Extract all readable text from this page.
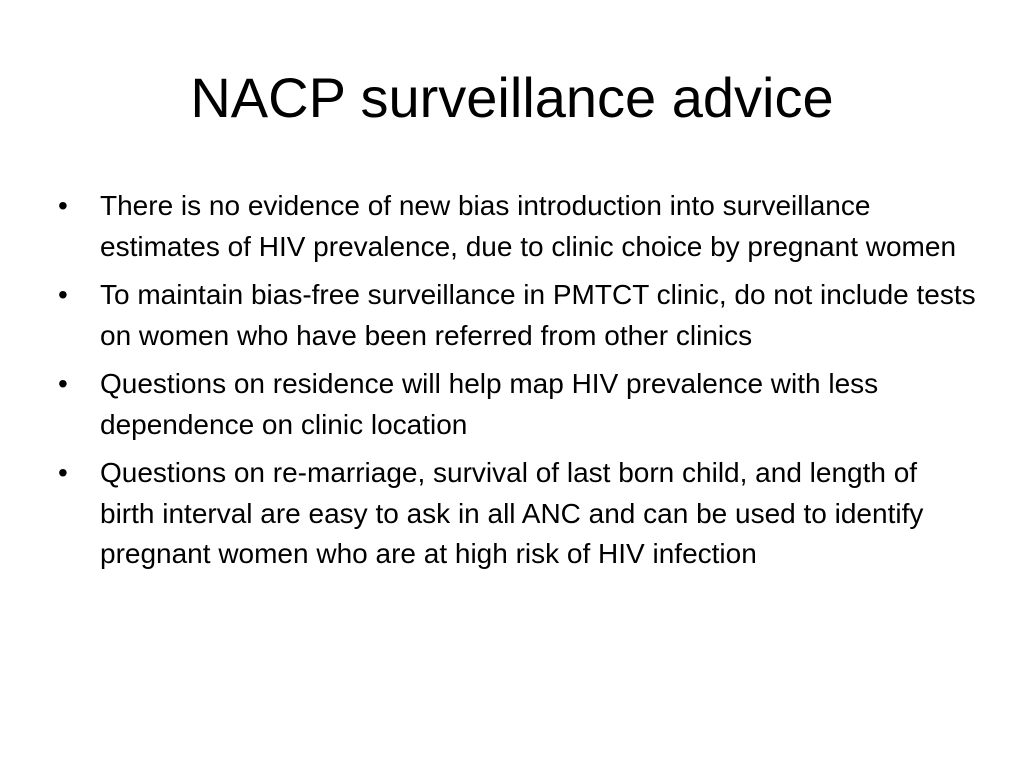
NACP surveillance advice
•	There is no evidence of new bias introduction into surveillance estimates of HIV prevalence, due to clinic choice by pregnant women
•	To maintain bias-free surveillance in PMTCT clinic, do not include tests on women who have been referred from other clinics
•	Questions on residence will help map HIV prevalence with less dependence on clinic location
•	Questions on re-marriage, survival of last born child, and length of birth interval are easy to ask in all ANC and can be used to identify pregnant women who are at high risk of HIV infection
